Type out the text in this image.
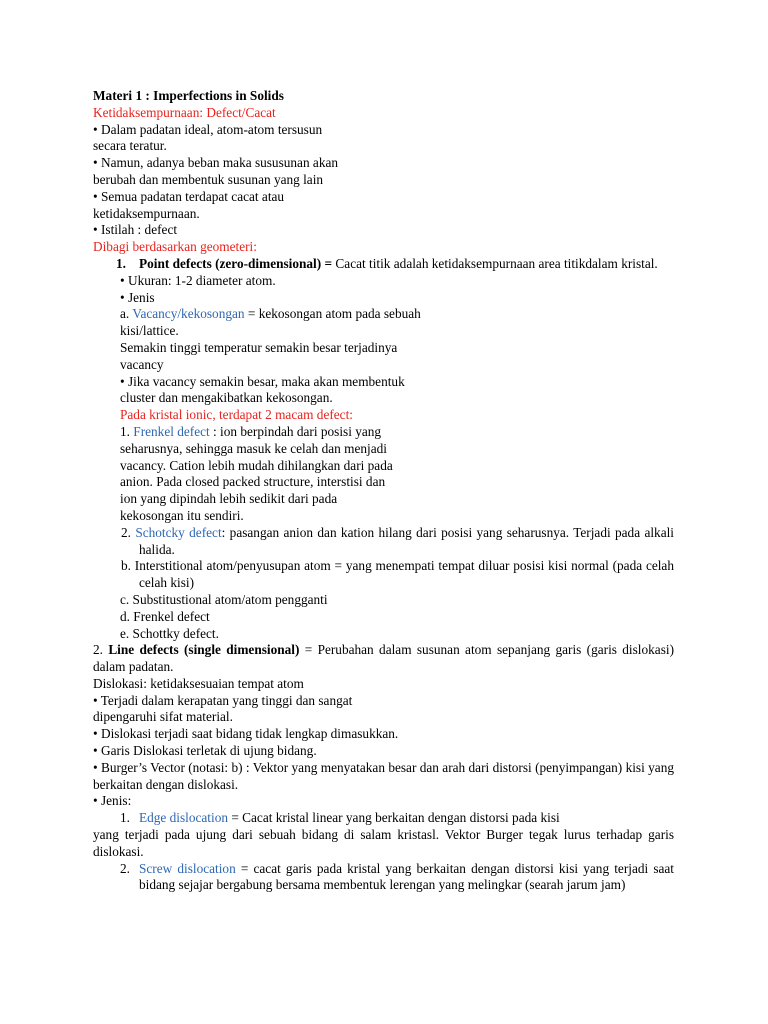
Materi 1 : Imperfections in Solids
Ketidaksempurnaan: Defect/Cacat
• Dalam padatan ideal, atom-atom tersusun
secara teratur.
• Namun, adanya beban maka sususunan akan
berubah dan membentuk susunan yang lain
• Semua padatan terdapat cacat atau
ketidaksempurnaan.
• Istilah : defect
Dibagi berdasarkan geometeri:
1. Point defects (zero-dimensional) = Cacat titik adalah ketidaksempurnaan area titikdalam kristal.
• Ukuran: 1-2 diameter atom.
• Jenis
a. Vacancy/kekosongan = kekosongan atom pada sebuah
kisi/lattice.
Semakin tinggi temperatur semakin besar terjadinya
vacancy
• Jika vacancy semakin besar, maka akan membentuk
cluster dan mengakibatkan kekosongan.
Pada kristal ionic, terdapat 2 macam defect:
1. Frenkel defect : ion berpindah dari posisi yang
seharusnya, sehingga masuk ke celah dan menjadi
vacancy. Cation lebih mudah dihilangkan dari pada
anion. Pada closed packed structure, interstisi dan
ion yang dipindah lebih sedikit dari pada
kekosongan itu sendiri.
2. Schotcky defect: pasangan anion dan kation hilang dari posisi yang seharusnya. Terjadi pada alkali halida.
b. Interstitional atom/penyusupan atom = yang menempati tempat diluar posisi kisi normal (pada celah celah kisi)
c. Substitustional atom/atom pengganti
d. Frenkel defect
e. Schottky defect.
2. Line defects (single dimensional) = Perubahan dalam susunan atom sepanjang garis (garis dislokasi) dalam padatan.
Dislokasi: ketidaksesuaian tempat atom
• Terjadi dalam kerapatan yang tinggi dan sangat
dipengaruhi sifat material.
• Dislokasi terjadi saat bidang tidak lengkap dimasukkan.
• Garis Dislokasi terletak di ujung bidang.
• Burger’s Vector (notasi: b) : Vektor yang menyatakan besar dan arah dari distorsi (penyimpangan) kisi yang berkaitan dengan dislokasi.
• Jenis:
1. Edge dislocation = Cacat kristal linear yang berkaitan dengan distorsi pada kisi
yang terjadi pada ujung dari sebuah bidang di salam kristasl. Vektor Burger tegak lurus terhadap garis dislokasi.
2. Screw dislocation = cacat garis pada kristal yang berkaitan dengan distorsi kisi yang terjadi saat bidang sejajar bergabung bersama membentuk lerengan yang melingkar (searah jarum jam)
